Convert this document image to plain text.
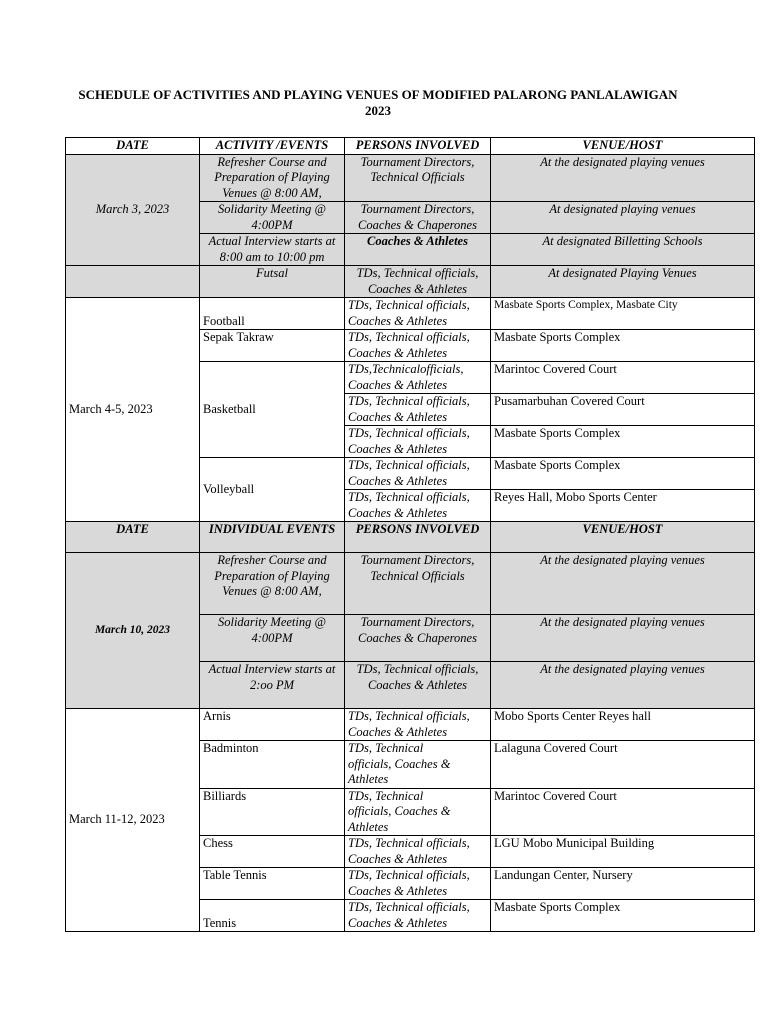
SCHEDULE OF ACTIVITIES AND PLAYING VENUES OF MODIFIED PALARONG PANLALAWIGAN
2023
DATE	ACTIVITY /EVENTS	PERSONS INVOLVED	VENUE/HOST
March 3, 2023	Refresher Course and Preparation of Playing Venues @ 8:00 AM,	Tournament Directors, Technical Officials	At the designated playing venues
	Solidarity Meeting @ 4:00PM	Tournament Directors, Coaches & Chaperones	At designated playing venues
	Actual Interview starts at 8:00 am to 10:00 pm	Coaches & Athletes	At designated Billetting Schools
	Futsal	TDs, Technical officials, Coaches & Athletes	At designated Playing Venues
March 4-5, 2023	Football	TDs, Technical officials, Coaches & Athletes	Masbate Sports Complex, Masbate City
	Sepak Takraw	TDs, Technical officials, Coaches & Athletes	Masbate Sports Complex
	Basketball	TDs,Technicalofficials, Coaches & Athletes	Marintoc Covered Court
		TDs, Technical officials, Coaches & Athletes	Pusamarbuhan Covered Court
		TDs, Technical officials, Coaches & Athletes	Masbate Sports Complex
	Volleyball	TDs, Technical officials, Coaches & Athletes	Masbate Sports Complex
		TDs, Technical officials, Coaches & Athletes	Reyes Hall, Mobo Sports Center
DATE	INDIVIDUAL EVENTS	PERSONS INVOLVED	VENUE/HOST
March 10, 2023	Refresher Course and Preparation of Playing Venues @ 8:00 AM,	Tournament Directors, Technical Officials	At the designated playing venues
	Solidarity Meeting @ 4:00PM	Tournament Directors, Coaches & Chaperones	At the designated playing venues
	Actual Interview starts at 2:oo PM	TDs, Technical officials, Coaches & Athletes	At the designated playing venues
March 11-12, 2023	Arnis	TDs, Technical officials, Coaches & Athletes	Mobo Sports Center Reyes hall
	Badminton	TDs, Technical officials, Coaches & Athletes	Lalaguna Covered Court
	Billiards	TDs, Technical officials, Coaches & Athletes	Marintoc Covered Court
	Chess	TDs, Technical officials, Coaches & Athletes	LGU Mobo Municipal Building
	Table Tennis	TDs, Technical officials, Coaches & Athletes	Landungan Center, Nursery
	Tennis	TDs, Technical officials, Coaches & Athletes	Masbate Sports Complex
